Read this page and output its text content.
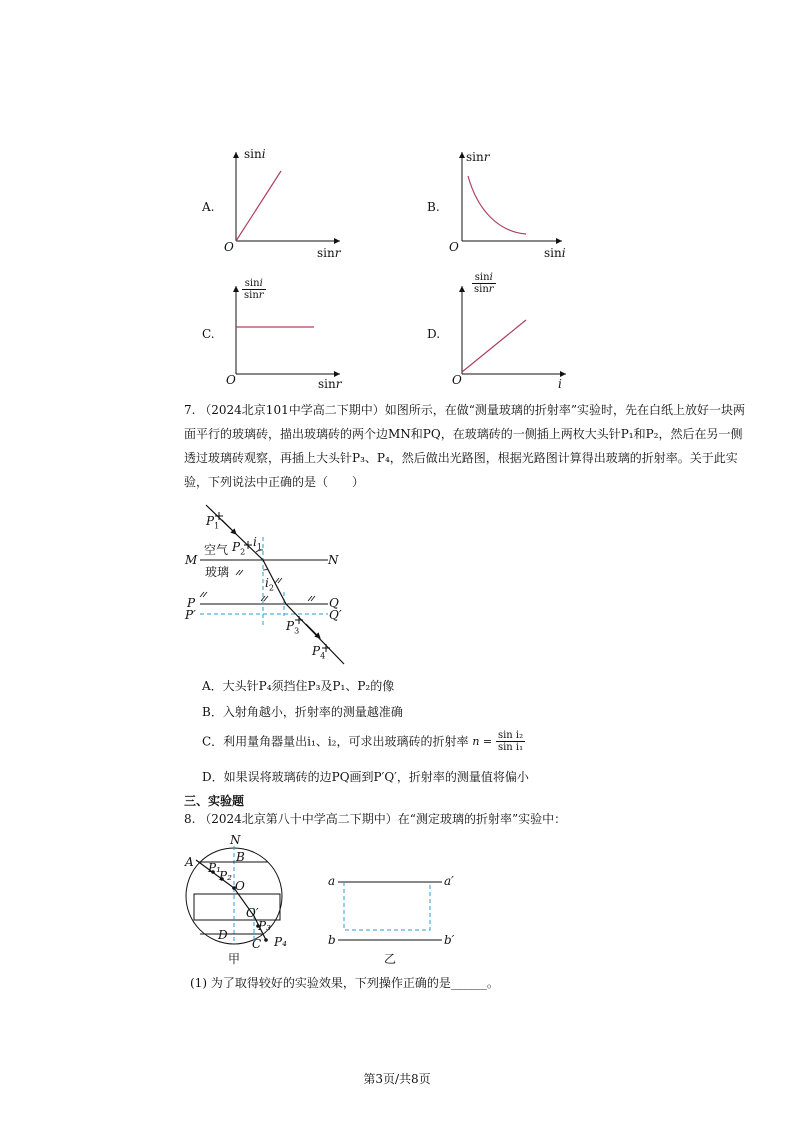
A.
sini
O	sinr
B.
sinr
O	sini
C.
$\frac{\sin i}{\sin r}$
O	sinr
D.
$\frac{\sin i}{\sin r}$
O	i
7. （2024北京101中学高二下期中）如图所示，在做“测量玻璃的折射率”实验时，先在白纸上放好一块两
面平行的玻璃砖，描出玻璃砖的两个边MN和PQ，在玻璃砖的一侧插上两枚大头针P₁和P₂，然后在另一侧
透过玻璃砖观察，再插上大头针P₃、P₄，然后做出光路图，根据光路图计算得出玻璃的折射率。关于此实
验，下列说法中正确的是（　　）
M	N
空气
玻璃
$P_1$
$P_2$
$i_1$
$i_2$
P
P′
Q
Q′
$P_3$
$P_4$
A．大头针P₄须挡住P₃及P₁、P₂的像
B．入射角越小，折射率的测量越准确
C．利用量角器量出i₁、i₂，可求出玻璃砖的折射率 $n = \frac{\text{sin i₂}}{\text{sin i₁}}$
D．如果误将玻璃砖的边PQ画到P′Q′，折射率的测量值将偏小
三、实验题
8. （2024北京第八十中学高二下期中）在“测定玻璃的折射率”实验中：
N
A	B
P₁
P₂
O
O′
D
P₃
C P₄
甲
a	a′
b	b′
乙
(1) 为了取得较好的实验效果，下列操作正确的是______。
第3页/共8页
